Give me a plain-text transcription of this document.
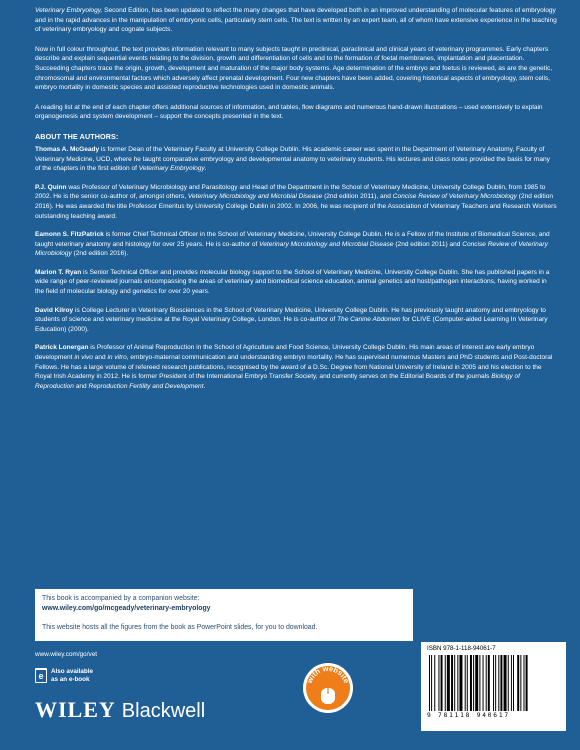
Veterinary Embryology, Second Edition, has been updated to reflect the many changes that have developed both in an improved understanding of molecular features of embryology and in the rapid advances in the manipulation of embryonic cells, particularly stem cells. The text is written by an expert team, all of whom have extensive experience in the teaching of veterinary embryology and cognate subjects.

Now in full colour throughout, the text provides information relevant to many subjects taught in preclinical, paraclinical and clinical years of veterinary programmes. Early chapters describe and explain sequential events relating to the division, growth and differentiation of cells and to the formation of foetal membranes, implantation and placentation. Succeeding chapters trace the origin, growth, development and maturation of the major body systems. Age determination of the embryo and foetus is reviewed, as are the genetic, chromosomal and environmental factors which adversely affect prenatal development. Four new chapters have been added, covering historical aspects of embryology, stem cells, embryo mortality in domestic species and assisted reproductive technologies used in domestic animals.

A reading list at the end of each chapter offers additional sources of information, and tables, flow diagrams and numerous hand-drawn illustrations – used extensively to explain organogenesis and system development – support the concepts presented in the text.

ABOUT THE AUTHORS:

Thomas A. McGeady is former Dean of the Veterinary Faculty at University College Dublin. His academic career was spent in the Department of Veterinary Anatomy, Faculty of Veterinary Medicine, UCD, where he taught comparative embryology and developmental anatomy to veterinary students. His lectures and class notes provided the basis for many of the chapters in the first edition of Veterinary Embryology.

P.J. Quinn was Professor of Veterinary Microbiology and Parasitology and Head of the Department in the School of Veterinary Medicine, University College Dublin, from 1985 to 2002. He is the senior co-author of, amongst others, Veterinary Microbiology and Microbial Disease (2nd edition 2011), and Concise Review of Veterinary Microbiology (2nd edition 2016). He was awarded the title Professor Emeritus by University College Dublin in 2002. In 2006, he was recipient of the Association of Veterinary Teachers and Research Workers outstanding teaching award.

Eamonn S. FitzPatrick is former Chief Technical Officer in the School of Veterinary Medicine, University College Dublin. He is a Fellow of the Institute of Biomedical Science, and taught veterinary anatomy and histology for over 25 years. He is co-author of Veterinary Microbiology and Microbial Disease (2nd edition 2011) and Concise Review of Veterinary Microbiology (2nd edition 2016).

Marion T. Ryan is Senior Technical Officer and provides molecular biology support to the School of Veterinary Medicine, University College Dublin. She has published papers in a wide range of peer-reviewed journals encompassing the areas of veterinary and biomedical science education, animal genetics and host/pathogen interactions, having worked in the field of molecular biology and genetics for over 20 years.

David Kilroy is College Lecturer in Veterinary Biosciences in the School of Veterinary Medicine, University College Dublin. He has previously taught anatomy and embryology to students of science and veterinary medicine at the Royal Veterinary College, London. He is co-author of The Canine Abdomen for CLIVE (Computer-aided Learning In Veterinary Education) (2000).

Patrick Lonergan is Professor of Animal Reproduction in the School of Agriculture and Food Science, University College Dublin. His main areas of interest are early embryo development in vivo and in vitro, embryo-maternal communication and understanding embryo mortality. He has supervised numerous Masters and PhD students and Post-doctoral Fellows. He has a large volume of refereed research publications, recognised by the award of a D.Sc. Degree from National University of Ireland in 2005 and his election to the Royal Irish Academy in 2012. He is former President of the International Embryo Transfer Society, and currently serves on the Editorial Boards of the journals Biology of Reproduction and Reproduction Fertility and Development.

This book is accompanied by a companion website:
www.wiley.com/go/mcgeady/veterinary-embryology
This website hosts all the figures from the book as PowerPoint slides, for you to download.
www.wiley.com/go/vet
e Also available
as an e-book
WILEY Blackwell
with website
ISBN 978-1-118-94061-7
9 781118 940617
